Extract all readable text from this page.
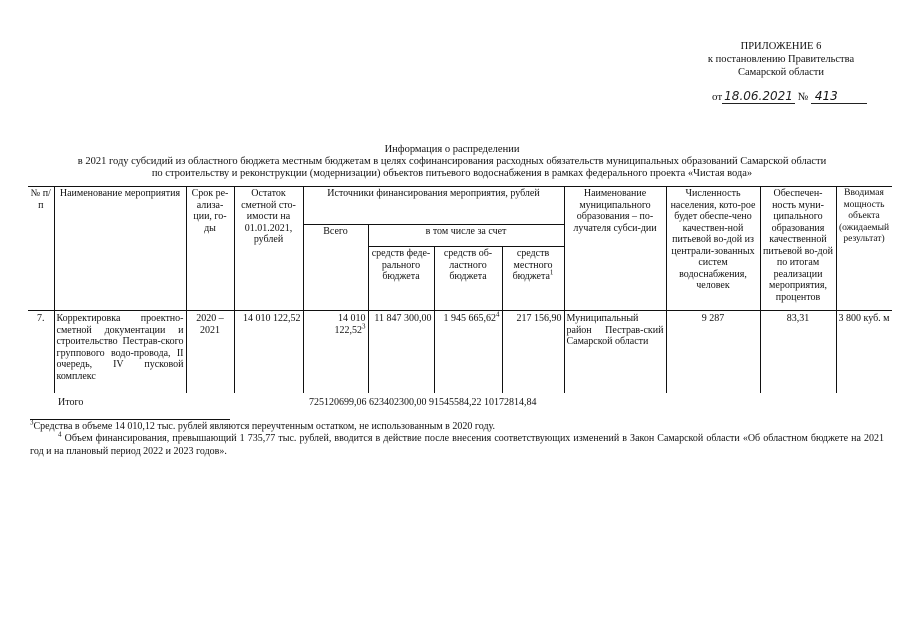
ПРИЛОЖЕНИЕ 6
к постановлению Правительства
Самарской области
от 18.06.2021 № 413
Информация о распределении
в 2021 году субсидий из областного бюджета местным бюджетам в целях софинансирования расходных обязательств муниципальных образований Самарской области
по строительству и реконструкции (модернизации) объектов питьевого водоснабжения в рамках федерального проекта «Чистая вода»
№ п/п	Наименование мероприятия	Срок ре-ализа-ции, го-ды	Остаток сметной сто-имости на 01.01.2021, рублей	Источники финансирования мероприятия, рублей				Наименование муниципального образования – по-лучателя субси-дии	Численность населения, кото-рое будет обеспе-чено качествен-ной питьевой во-дой из централи-зованных систем водоснабжения, человек	Обеспечен-ность муни-ципального образования качественной питьевой во-дой по итогам реализации мероприятия, процентов	Вводимая мощность объекта (ожидаемый результат)
				Всего	в том числе за счет						
					средств феде-рального бюджета	средств об-ластного бюджета	средств местного бюджета$^1$
7.	Корректировка проектно-сметной документации и строительство Пестрав-ского группового водо-провода, II очередь, IV пусковой комплекс	2020 – 2021	14 010 122,52	14 010 122,52$^3$	11 847 300,00	1 945 665,62$^4$	217 156,90	Муниципальный район Пестрав-ский Самарской области	9 287	83,31	3 800 куб. м
Итого	725120699,06 623402300,00 91545584,22 10172814,84
$^3$Средства в объеме 14 010,12 тыс. рублей являются переучтенным остатком, не использованным в 2020 году.
$^4$ Объем финансирования, превышающий 1 735,77 тыс. рублей, вводится в действие после внесения соответствующих изменений в Закон Самарской области «Об областном бюджете на 2021 год и на плановый период 2022 и 2023 годов».
